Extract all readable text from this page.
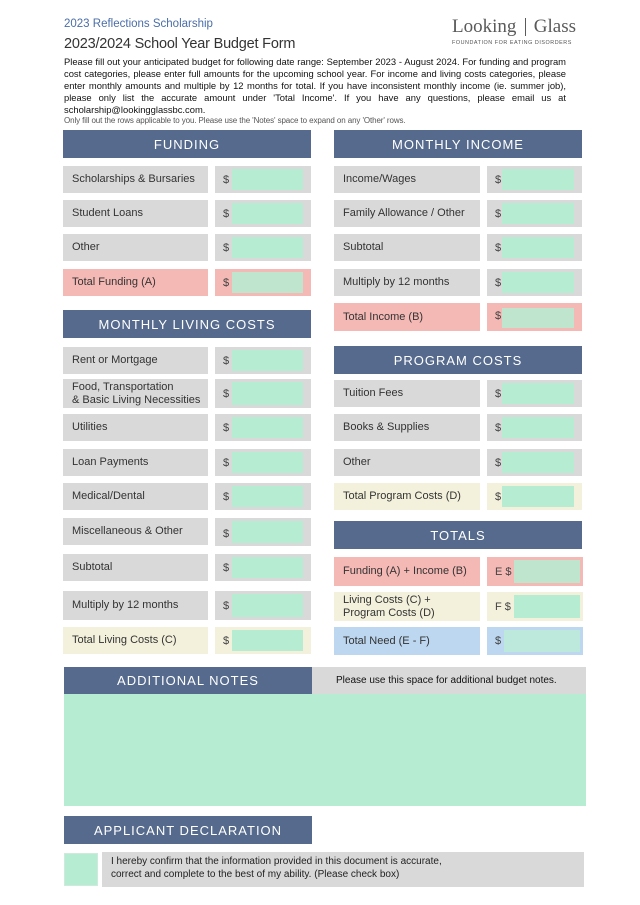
2023 Reflections Scholarship
2023/2024 School Year Budget Form
Looking Glass
FOUNDATION FOR EATING DISORDERS
Please fill out your anticipated budget for following date range: September 2023 - August 2024. For funding and program cost categories, please enter full amounts for the upcoming school year. For income and living costs categories, please enter monthly amounts and multiple by 12 months for total. If you have inconsistent monthly income (ie. summer job), please only list the accurate amount under 'Total Income'. If you have any questions, please email us at scholarship@lookingglassbc.com.
Only fill out the rows applicable to you. Please use the 'Notes' space to expand on any 'Other' rows.
FUNDING
Scholarships & Bursaries	$
Student Loans	$
Other	$
Total Funding (A)	$
MONTHLY LIVING COSTS
Rent or Mortgage	$
Food, Transportation
& Basic Living Necessities	$
Utilities	$
Loan Payments	$
Medical/Dental	$
Miscellaneous & Other	$
Subtotal	$
Multiply by 12 months	$
Total Living Costs (C)	$
MONTHLY INCOME
Income/Wages	$
Family Allowance / Other	$
Subtotal	$
Multiply by 12 months	$
Total Income (B)	$
PROGRAM COSTS
Tuition Fees	$
Books & Supplies	$
Other	$
Total Program Costs (D)	$
TOTALS
Funding (A) + Income (B)	E $
Living Costs (C) +
Program Costs (D)	F $
Total Need (E - F)	$
ADDITIONAL NOTES	Please use this space for additional budget notes.
APPLICANT DECLARATION
I hereby confirm that the information provided in this document is accurate,
correct and complete to the best of my ability. (Please check box)
